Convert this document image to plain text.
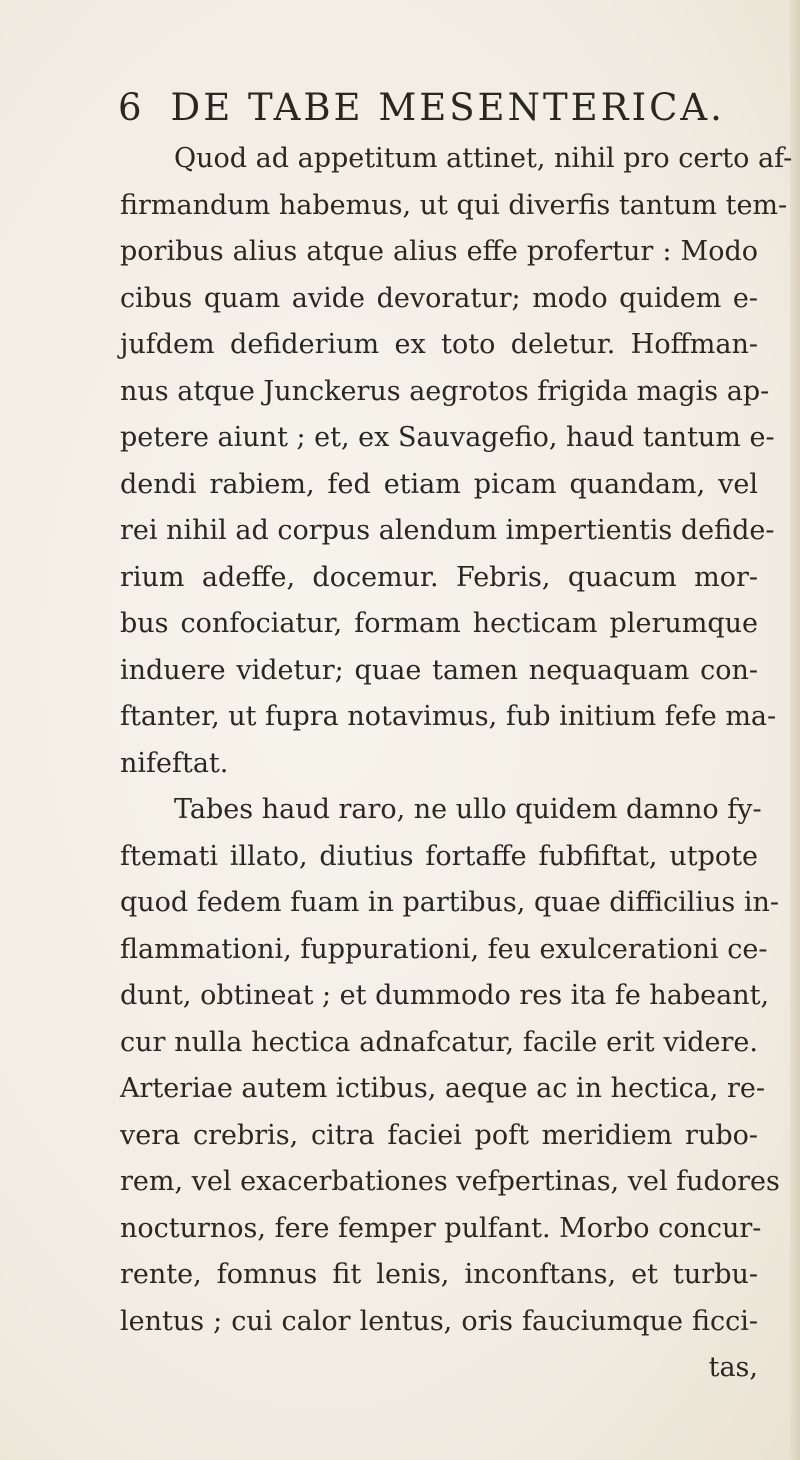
6 DE TABE MESENTERICA.
Quod ad appetitum attinet, nihil pro certo af-
firmandum habemus, ut qui diverfis tantum tem-
poribus alius atque alius effe profertur : Modo
cibus quam avide devoratur; modo quidem e-
jufdem defiderium ex toto deletur. Hoffman-
nus atque Junckerus aegrotos frigida magis ap-
petere aiunt ; et, ex Sauvagefio, haud tantum e-
dendi rabiem, fed etiam picam quandam, vel
rei nihil ad corpus alendum impertientis defide-
rium adeffe, docemur. Febris, quacum mor-
bus confociatur, formam hecticam plerumque
induere videtur; quae tamen nequaquam con-
ftanter, ut fupra notavimus, fub initium fefe ma-
nifeftat.
Tabes haud raro, ne ullo quidem damno fy-
ftemati illato, diutius fortaffe fubfiftat, utpote
quod fedem fuam in partibus, quae difficilius in-
flammationi, fuppurationi, feu exulcerationi ce-
dunt, obtineat ; et dummodo res ita fe habeant,
cur nulla hectica adnafcatur, facile erit videre.
Arteriae autem ictibus, aeque ac in hectica, re-
vera crebris, citra faciei poft meridiem rubo-
rem, vel exacerbationes vefpertinas, vel fudores
nocturnos, fere femper pulfant. Morbo concur-
rente, fomnus fit lenis, inconftans, et turbu-
lentus ; cui calor lentus, oris fauciumque ficci-
tas,
